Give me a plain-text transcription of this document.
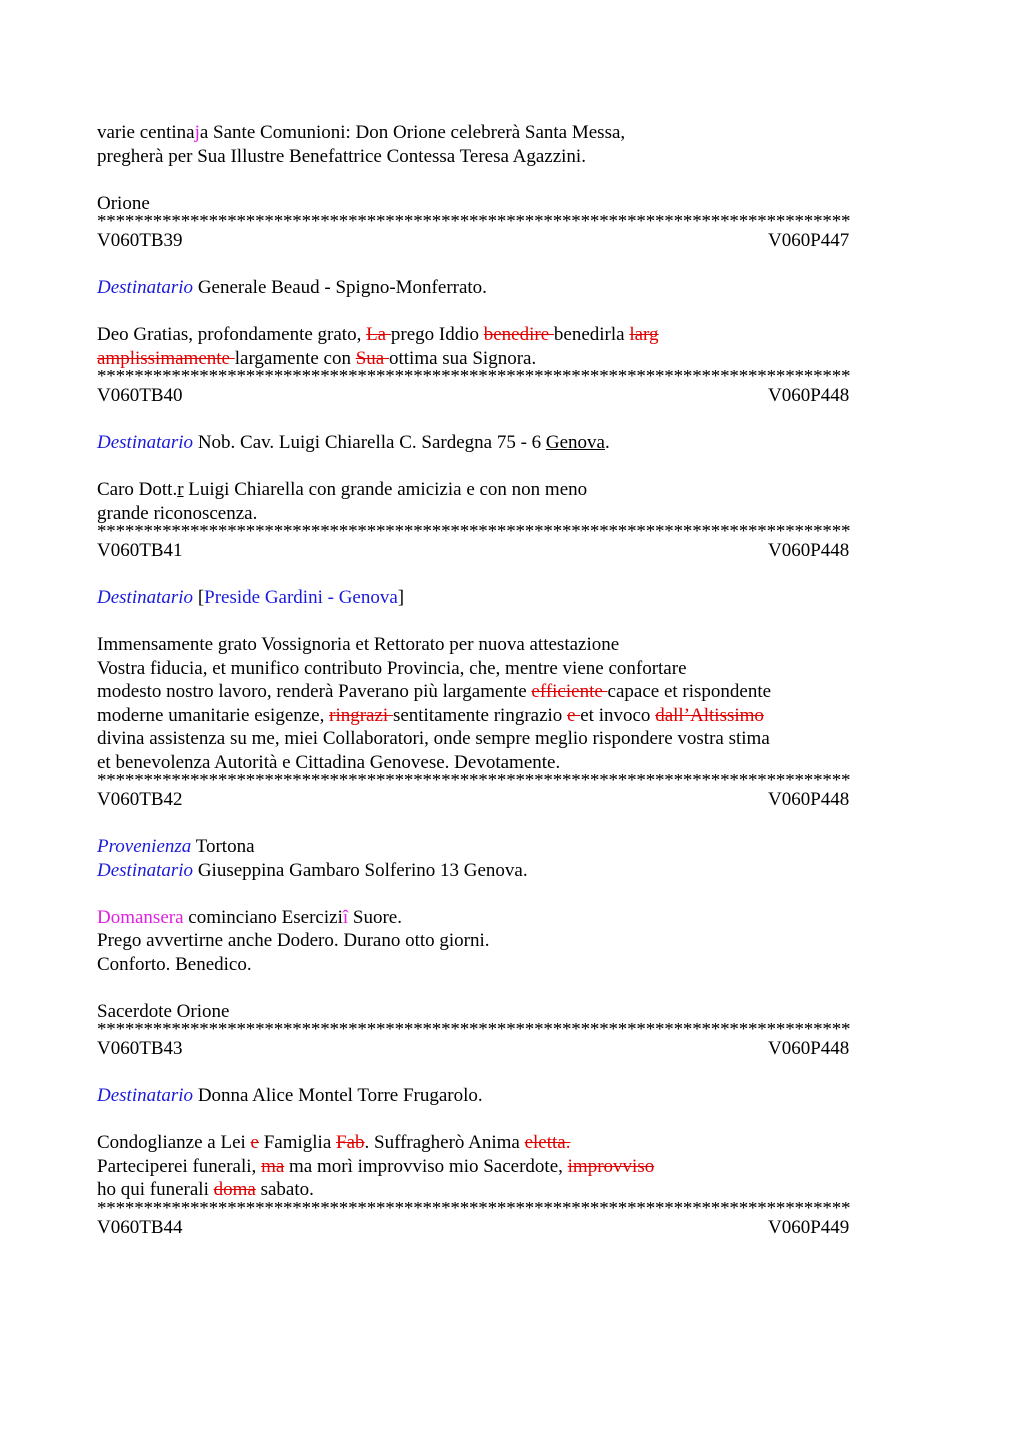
varie centinaja Sante Comunioni: Don Orione celebrerà Santa Messa,
pregherà per Sua Illustre Benefattrice Contessa Teresa Agazzini.
Orione
*********************************************************************************
V060TB39	V060P447
Destinatario Generale Beaud - Spigno-Monferrato.
Deo Gratias, profondamente grato, La prego Iddio benedire benedirla larg
amplissimamente largamente con Sua ottima sua Signora.
*********************************************************************************
V060TB40	V060P448
Destinatario Nob. Cav. Luigi Chiarella C. Sardegna 75 - 6 Genova.
Caro Dott.r Luigi Chiarella con grande amicizia e con non meno
grande riconoscenza.
*********************************************************************************
V060TB41	V060P448
Destinatario [Preside Gardini - Genova]
Immensamente grato Vossignoria et Rettorato per nuova attestazione
Vostra fiducia, et munifico contributo Provincia, che, mentre viene confortare
modesto nostro lavoro, renderà Paverano più largamente efficiente capace et rispondente
moderne umanitarie esigenze, ringrazi sentitamente ringrazio e et invoco dall’Altissimo
divina assistenza su me, miei Collaboratori, onde sempre meglio rispondere vostra stima
et benevolenza Autorità e Cittadina Genovese. Devotamente.
*********************************************************************************
V060TB42	V060P448
Provenienza Tortona
Destinatario Giuseppina Gambaro Solferino 13 Genova.
Domansera cominciano Eserciziî Suore.
Prego avvertirne anche Dodero. Durano otto giorni.
Conforto. Benedico.
Sacerdote Orione
*********************************************************************************
V060TB43	V060P448
Destinatario Donna Alice Montel Torre Frugarolo.
Condoglianze a Lei e Famiglia Fab. Suffragherò Anima eletta.
Parteciperei funerali, ma ma morì improvviso mio Sacerdote, improvviso
ho qui funerali doma sabato.
*********************************************************************************
V060TB44	V060P449
